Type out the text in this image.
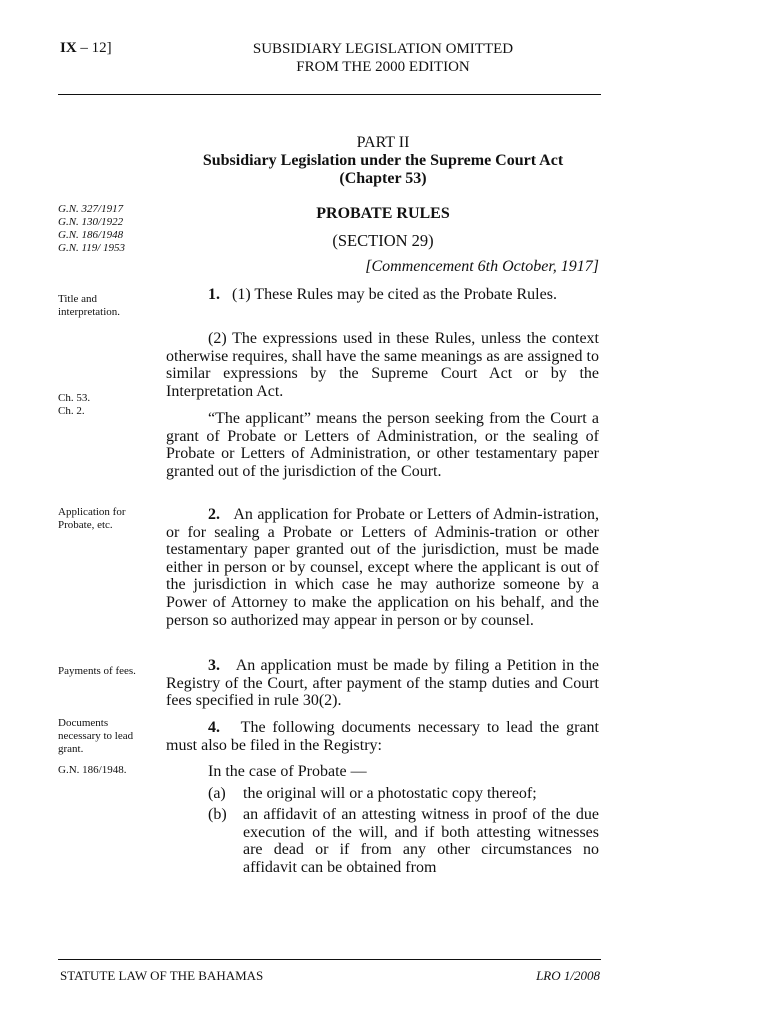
IX – 12]	SUBSIDIARY LEGISLATION OMITTED
FROM THE 2000 EDITION
PART II
Subsidiary Legislation under the Supreme Court Act
(Chapter 53)
PROBATE RULES
(SECTION 29)
[Commencement 6th October, 1917]
G.N. 327/1917
G.N. 130/1922
G.N. 186/1948
G.N. 119/ 1953
Title and
interpretation.
Ch. 53.
Ch. 2.
Application for
Probate, etc.
Payments of fees.
Documents
necessary to lead
grant.
G.N. 186/1948.

1. (1) These Rules may be cited as the Probate Rules.

(2) The expressions used in these Rules, unless the context otherwise requires, shall have the same meanings as are assigned to similar expressions by the Supreme Court Act or by the Interpretation Act.

“The applicant” means the person seeking from the Court a grant of Probate or Letters of Administration, or the sealing of Probate or Letters of Administration, or other testamentary paper granted out of the jurisdiction of the Court.

2. An application for Probate or Letters of Admin-istration, or for sealing a Probate or Letters of Adminis-tration or other testamentary paper granted out of the jurisdiction, must be made either in person or by counsel, except where the applicant is out of the jurisdiction in which case he may authorize someone by a Power of Attorney to make the application on his behalf, and the person so authorized may appear in person or by counsel.

3. An application must be made by filing a Petition in the Registry of the Court, after payment of the stamp duties and Court fees specified in rule 30(2).

4. The following documents necessary to lead the grant must also be filed in the Registry:

In the case of Probate —
(a)	the original will or a photostatic copy thereof;
(b)	an affidavit of an attesting witness in proof of the due execution of the will, and if both attesting witnesses are dead or if from any other circumstances no affidavit can be obtained from
STATUTE LAW OF THE BAHAMAS	LRO 1/2008
